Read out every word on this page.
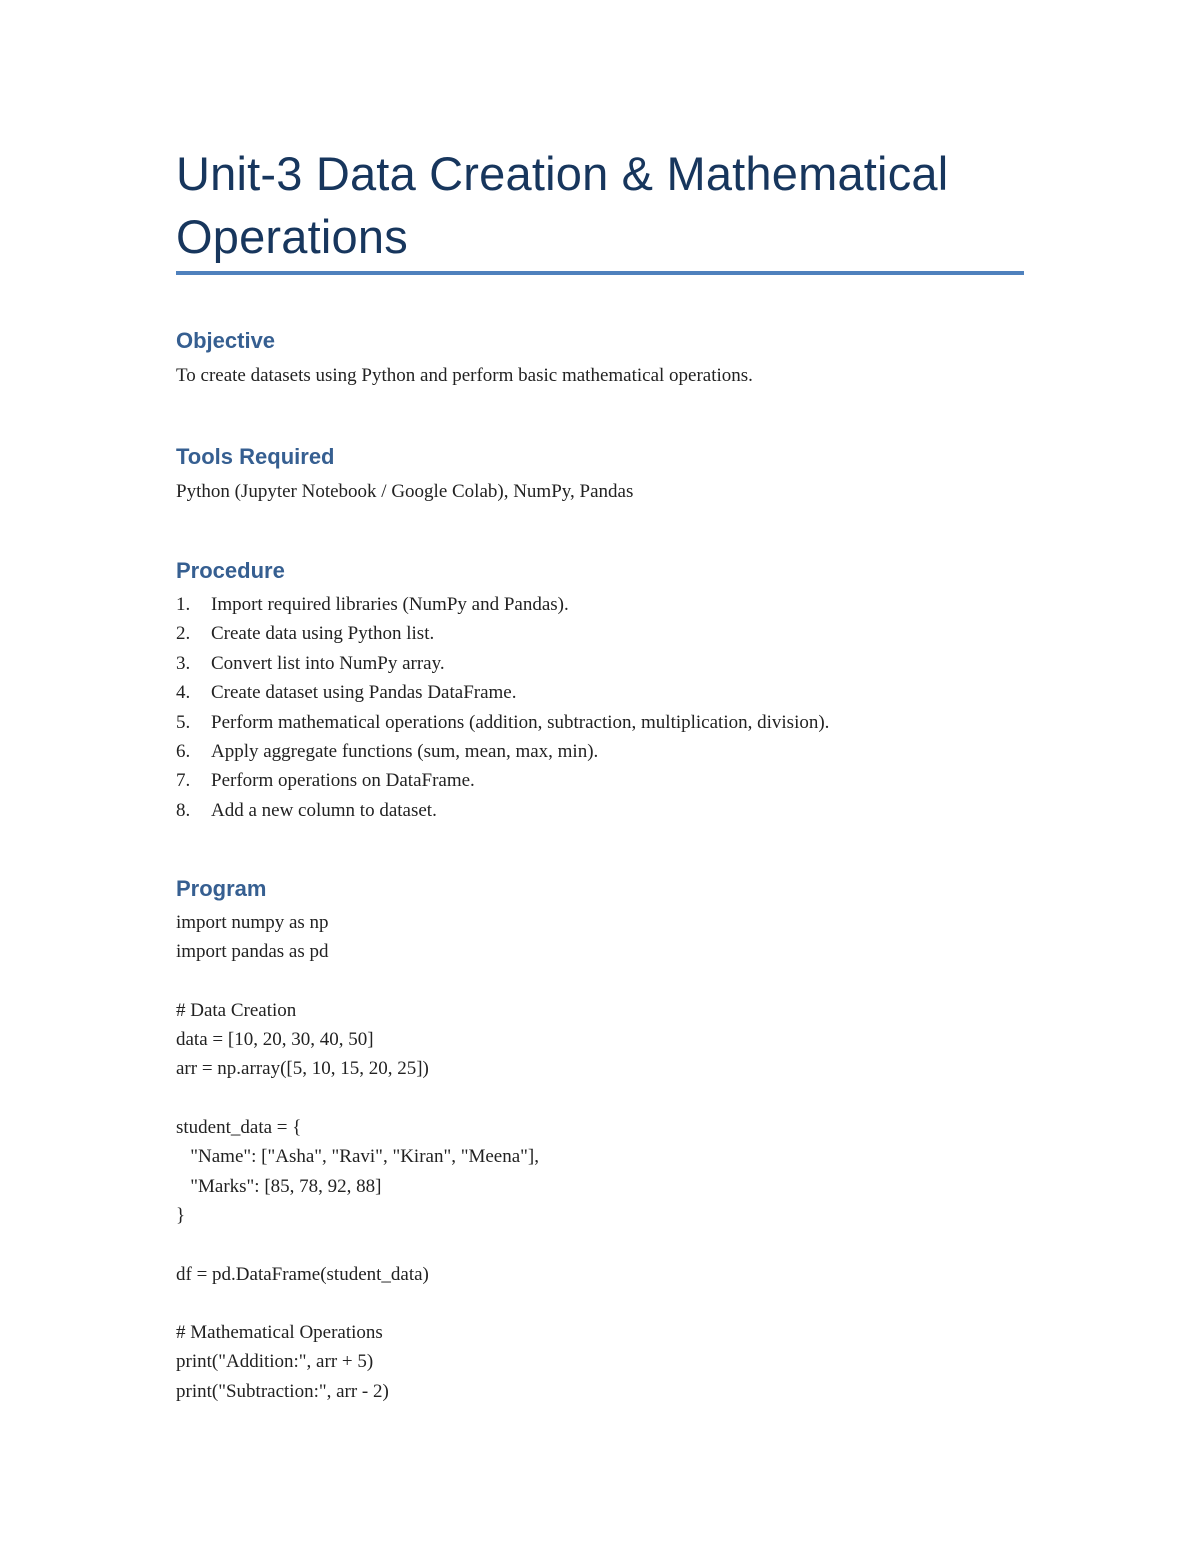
Unit-3 Data Creation & Mathematical Operations
Objective
To create datasets using Python and perform basic mathematical operations.
Tools Required
Python (Jupyter Notebook / Google Colab), NumPy, Pandas
Procedure
1.	Import required libraries (NumPy and Pandas).
2.	Create data using Python list.
3.	Convert list into NumPy array.
4.	Create dataset using Pandas DataFrame.
5.	Perform mathematical operations (addition, subtraction, multiplication, division).
6.	Apply aggregate functions (sum, mean, max, min).
7.	Perform operations on DataFrame.
8.	Add a new column to dataset.
Program
import numpy as np
import pandas as pd
# Data Creation
data = [10, 20, 30, 40, 50]
arr = np.array([5, 10, 15, 20, 25])
student_data = {
"Name": ["Asha", "Ravi", "Kiran", "Meena"],
"Marks": [85, 78, 92, 88]
}
df = pd.DataFrame(student_data)
# Mathematical Operations
print("Addition:", arr + 5)
print("Subtraction:", arr - 2)
